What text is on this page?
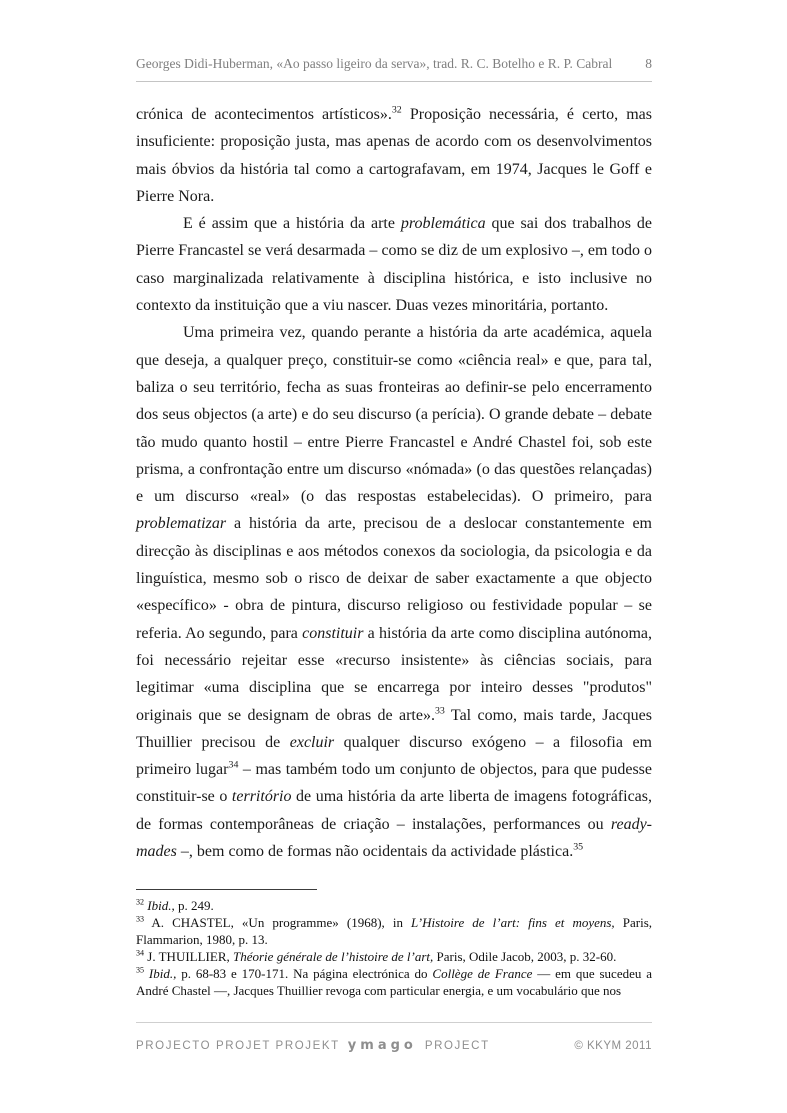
Georges Didi-Huberman, «Ao passo ligeiro da serva», trad. R. C. Botelho e R. P. Cabral 8

crónica de acontecimentos artísticos».$^{32}$ Proposição necessária, é certo, mas insuficiente: proposição justa, mas apenas de acordo com os desenvolvimentos mais óbvios da história tal como a cartografavam, em 1974, Jacques le Goff e Pierre Nora.

E é assim que a história da arte problemática que sai dos trabalhos de Pierre Francastel se verá desarmada – como se diz de um explosivo –, em todo o caso marginalizada relativamente à disciplina histórica, e isto inclusive no contexto da instituição que a viu nascer. Duas vezes minoritária, portanto.

Uma primeira vez, quando perante a história da arte académica, aquela que deseja, a qualquer preço, constituir-se como «ciência real» e que, para tal, baliza o seu território, fecha as suas fronteiras ao definir-se pelo encerramento dos seus objectos (a arte) e do seu discurso (a perícia). O grande debate – debate tão mudo quanto hostil – entre Pierre Francastel e André Chastel foi, sob este prisma, a confrontação entre um discurso «nómada» (o das questões relançadas) e um discurso «real» (o das respostas estabelecidas). O primeiro, para problematizar a história da arte, precisou de a deslocar constantemente em direcção às disciplinas e aos métodos conexos da sociologia, da psicologia e da linguística, mesmo sob o risco de deixar de saber exactamente a que objecto «específico» - obra de pintura, discurso religioso ou festividade popular – se referia. Ao segundo, para constituir a história da arte como disciplina autónoma, foi necessário rejeitar esse «recurso insistente» às ciências sociais, para legitimar «uma disciplina que se encarrega por inteiro desses "produtos" originais que se designam de obras de arte».$^{33}$ Tal como, mais tarde, Jacques Thuillier precisou de excluir qualquer discurso exógeno – a filosofia em primeiro lugar$^{34}$ – mas também todo um conjunto de objectos, para que pudesse constituir-se o território de uma história da arte liberta de imagens fotográficas, de formas contemporâneas de criação – instalações, performances ou ready-mades –, bem como de formas não ocidentais da actividade plástica.$^{35}$

$^{32}$ Ibid., p. 249.

$^{33}$ A. CHASTEL, «Un programme» (1968), in L’Histoire de l’art: fins et moyens, Paris, Flammarion, 1980, p. 13.

$^{34}$ J. THUILLIER, Théorie générale de l’histoire de l’art, Paris, Odile Jacob, 2003, p. 32-60.

$^{35}$ Ibid., p. 68-83 e 170-171. Na página electrónica do Collège de France — em que sucedeu a André Chastel —, Jacques Thuillier revoga com particular energia, e um vocabulário que nos

PROJECTO PROJET PROJEKT ymago PROJECT	© KKYM 2011
